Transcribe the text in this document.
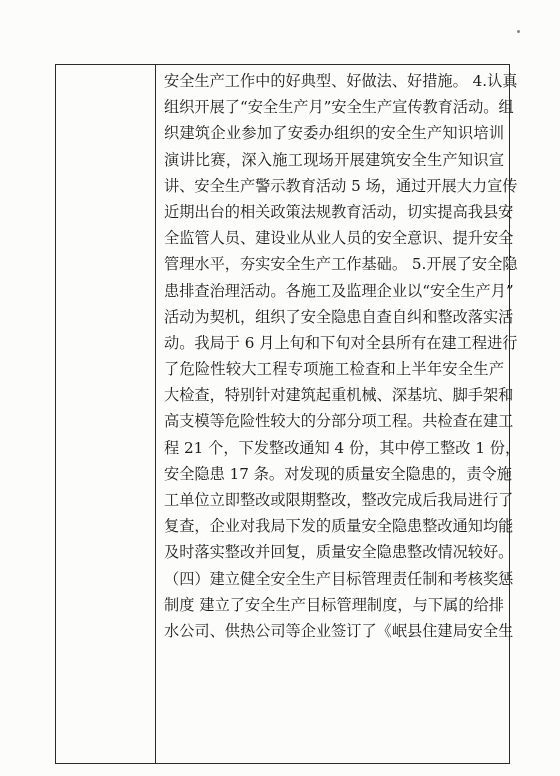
安全生产工作中的好典型、好做法、好措施。 4.认真
组织开展了“安全生产月”安全生产宣传教育活动。组
织建筑企业参加了安委办组织的安全生产知识培训
演讲比赛，深入施工现场开展建筑安全生产知识宣
讲、安全生产警示教育活动 5 场，通过开展大力宣传
近期出台的相关政策法规教育活动，切实提高我县安
全监管人员、建设业从业人员的安全意识、提升安全
管理水平，夯实安全生产工作基础。 5.开展了安全隐
患排查治理活动。各施工及监理企业以“安全生产月”
活动为契机，组织了安全隐患自查自纠和整改落实活
动。我局于 6 月上旬和下旬对全县所有在建工程进行
了危险性较大工程专项施工检查和上半年安全生产
大检查，特别针对建筑起重机械、深基坑、脚手架和
高支模等危险性较大的分部分项工程。共检查在建工
程 21 个，下发整改通知 4 份，其中停工整改 1 份，
安全隐患 17 条。对发现的质量安全隐患的，责令施
工单位立即整改或限期整改，整改完成后我局进行了
复查，企业对我局下发的质量安全隐患整改通知均能
及时落实整改并回复，质量安全隐患整改情况较好。
（四）建立健全安全生产目标管理责任制和考核奖惩
制度 建立了安全生产目标管理制度，与下属的给排
水公司、供热公司等企业签订了《岷县住建局安全生
